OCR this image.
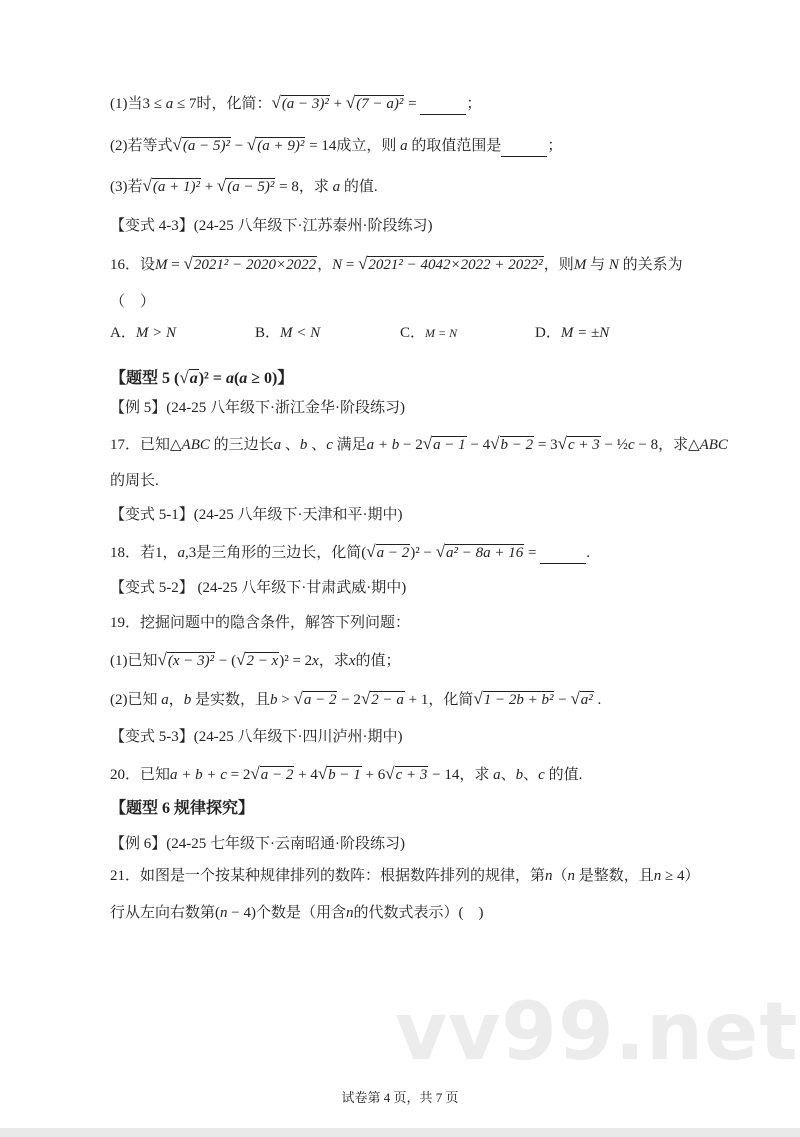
(1)当3 ≤ a ≤ 7时，化简：√(a − 3)² + √(7 − a)² =	；
(2)若等式√(a − 5)² − √(a + 9)² = 14成立，则 a 的取值范围是	；
(3)若√(a + 1)² + √(a − 5)² = 8，求 a 的值.
【变式 4-3】(24-25 八年级下·江苏泰州·阶段练习)
16．设M = √2021² − 2020×2022，N = √2021² − 4042×2022 + 2022²，则M 与 N 的关系为
（　）
【题型 5 (√a)² = a(a ≥ 0)】
【例 5】(24-25 八年级下·浙江金华·阶段练习)
17．已知△ABC 的三边长a 、b 、c 满足a + b − 2√a − 1 − 4√b − 2 = 3√c + 3 − ½c − 8，求△ABC
的周长.
【变式 5-1】(24-25 八年级下·天津和平·期中)
18．若1，a,3是三角形的三边长，化简(√a − 2)² − √a² − 8a + 16 =	.
【变式 5-2】 (24-25 八年级下·甘肃武威·期中)
19．挖掘问题中的隐含条件，解答下列问题：
(1)已知√(x − 3)² − (√2 − x)² = 2x，求x的值；
(2)已知 a，b 是实数，且b > √a − 2 − 2√2 − a + 1，化简√1 − 2b + b² − √a² .
【变式 5-3】(24-25 八年级下·四川泸州·期中)
20．已知a + b + c = 2√a − 2 + 4√b − 1 + 6√c + 3 − 14，求 a、b、c 的值.
【题型 6 规律探究】
【例 6】(24-25 七年级下·云南昭通·阶段练习)
21．如图是一个按某种规律排列的数阵：根据数阵排列的规律，第n（n 是整数，且n ≥ 4）
行从左向右数第(n − 4)个数是（用含n的代数式表示）(　)
A．M > N	B．M < N	C．M = N	D．M = ±N
vv99.net
试卷第 4 页，共 7 页
